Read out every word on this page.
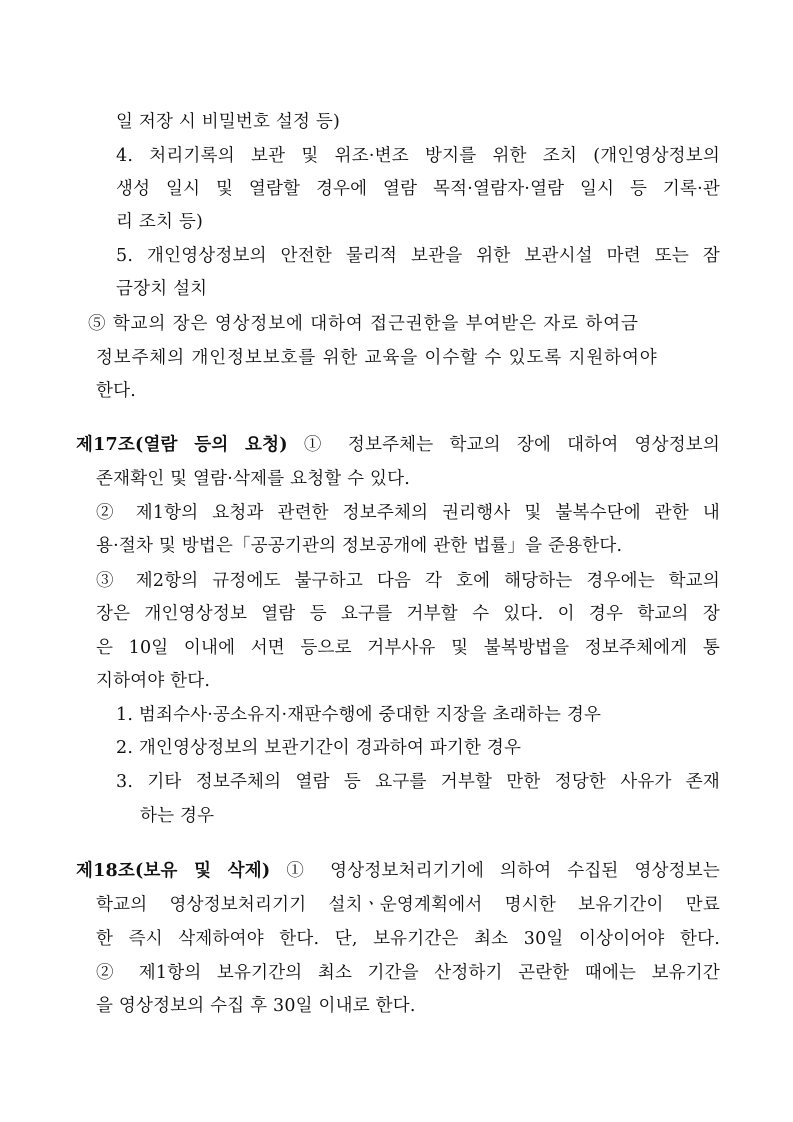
일 저장 시 비밀번호 설정 등)
4. 처리기록의 보관 및 위조·변조 방지를 위한 조치 (개인영상정보의
생성 일시 및 열람할 경우에 열람 목적·열람자·열람 일시 등 기록·관
리 조치 등)
5. 개인영상정보의 안전한 물리적 보관을 위한 보관시설 마련 또는 잠
금장치 설치
⑤ 학교의 장은 영상정보에 대하여 접근권한을 부여받은 자로 하여금
정보주체의 개인정보보호를 위한 교육을 이수할 수 있도록 지원하여야
한다.
제17조(열람 등의 요청) ① 정보주체는 학교의 장에 대하여 영상정보의
존재확인 및 열람·삭제를 요청할 수 있다.
② 제1항의 요청과 관련한 정보주체의 권리행사 및 불복수단에 관한 내
용·절차 및 방법은「공공기관의 정보공개에 관한 법률」을 준용한다.
③ 제2항의 규정에도 불구하고 다음 각 호에 해당하는 경우에는 학교의
장은 개인영상정보 열람 등 요구를 거부할 수 있다. 이 경우 학교의 장
은 10일 이내에 서면 등으로 거부사유 및 불복방법을 정보주체에게 통
지하여야 한다.
1. 범죄수사·공소유지·재판수행에 중대한 지장을 초래하는 경우
2. 개인영상정보의 보관기간이 경과하여 파기한 경우
3. 기타 정보주체의 열람 등 요구를 거부할 만한 정당한 사유가 존재
하는 경우
제18조(보유 및 삭제) ① 영상정보처리기기에 의하여 수집된 영상정보는
학교의 영상정보처리기기 설치ㆍ운영계획에서 명시한 보유기간이 만료
한 즉시 삭제하여야 한다. 단, 보유기간은 최소 30일 이상이어야 한다.
② 제1항의 보유기간의 최소 기간을 산정하기 곤란한 때에는 보유기간
을 영상정보의 수집 후 30일 이내로 한다.
